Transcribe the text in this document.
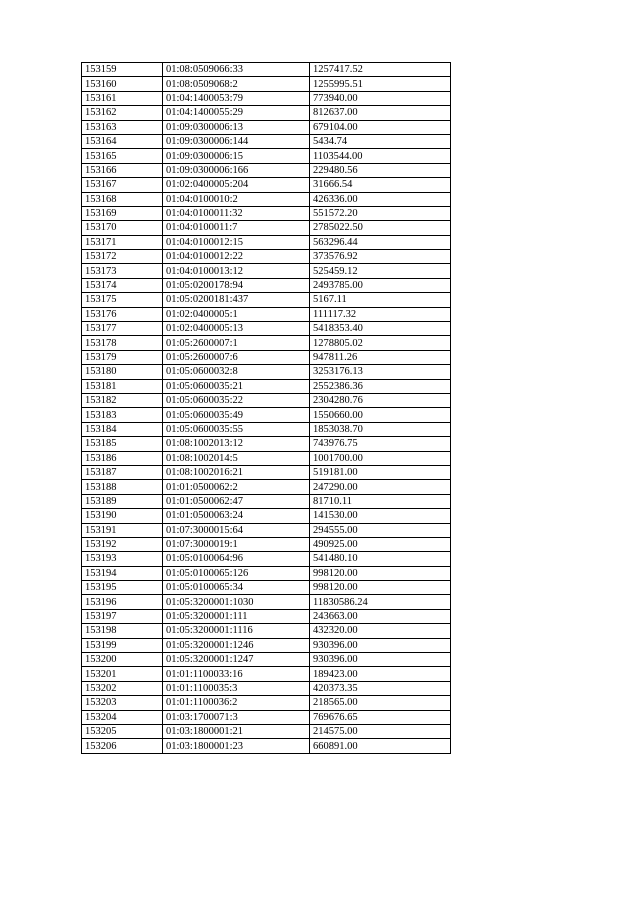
153159	01:08:0509066:33	1257417.52
153160	01:08:0509068:2	1255995.51
153161	01:04:1400053:79	773940.00
153162	01:04:1400055:29	812637.00
153163	01:09:0300006:13	679104.00
153164	01:09:0300006:144	5434.74
153165	01:09:0300006:15	1103544.00
153166	01:09:0300006:166	229480.56
153167	01:02:0400005:204	31666.54
153168	01:04:0100010:2	426336.00
153169	01:04:0100011:32	551572.20
153170	01:04:0100011:7	2785022.50
153171	01:04:0100012:15	563296.44
153172	01:04:0100012:22	373576.92
153173	01:04:0100013:12	525459.12
153174	01:05:0200178:94	2493785.00
153175	01:05:0200181:437	5167.11
153176	01:02:0400005:1	111117.32
153177	01:02:0400005:13	5418353.40
153178	01:05:2600007:1	1278805.02
153179	01:05:2600007:6	947811.26
153180	01:05:0600032:8	3253176.13
153181	01:05:0600035:21	2552386.36
153182	01:05:0600035:22	2304280.76
153183	01:05:0600035:49	1550660.00
153184	01:05:0600035:55	1853038.70
153185	01:08:1002013:12	743976.75
153186	01:08:1002014:5	1001700.00
153187	01:08:1002016:21	519181.00
153188	01:01:0500062:2	247290.00
153189	01:01:0500062:47	81710.11
153190	01:01:0500063:24	141530.00
153191	01:07:3000015:64	294555.00
153192	01:07:3000019:1	490925.00
153193	01:05:0100064:96	541480.10
153194	01:05:0100065:126	998120.00
153195	01:05:0100065:34	998120.00
153196	01:05:3200001:1030	11830586.24
153197	01:05:3200001:111	243663.00
153198	01:05:3200001:1116	432320.00
153199	01:05:3200001:1246	930396.00
153200	01:05:3200001:1247	930396.00
153201	01:01:1100033:16	189423.00
153202	01:01:1100035:3	420373.35
153203	01:01:1100036:2	218565.00
153204	01:03:1700071:3	769676.65
153205	01:03:1800001:21	214575.00
153206	01:03:1800001:23	660891.00
